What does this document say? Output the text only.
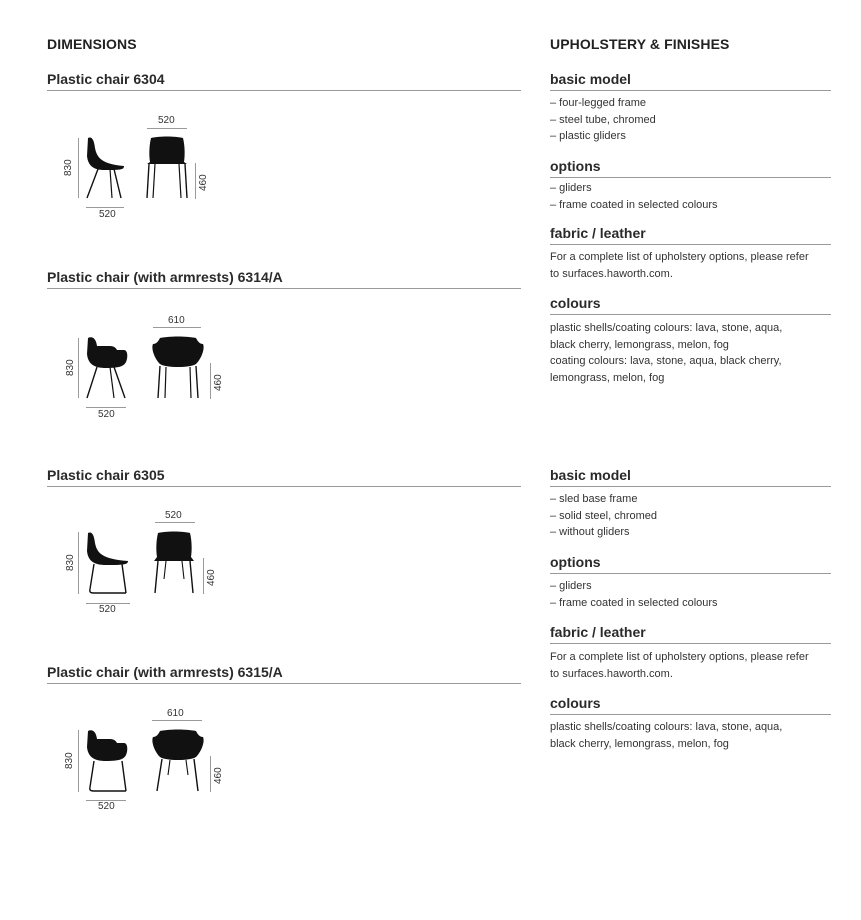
DIMENSIONS	UPHOLSTERY & FINISHES
Plastic chair 6304
830
520
520
460
Plastic chair (with armrests) 6314/A
830
520
610
460
Plastic chair 6305
830
520
520
460
Plastic chair (with armrests) 6315/A
830
520
610
460
basic model
– four-legged frame
– steel tube, chromed
– plastic gliders
options
– gliders
– frame coated in selected colours
fabric / leather
For a complete list of upholstery options, please refer
to surfaces.haworth.com.
colours
plastic shells/coating colours: lava, stone, aqua,
black cherry, lemongrass, melon, fog
coating colours: lava, stone, aqua, black cherry,
lemongrass, melon, fog
basic model
– sled base frame
– solid steel, chromed
– without gliders
options
– gliders
– frame coated in selected colours
fabric / leather
For a complete list of upholstery options, please refer
to surfaces.haworth.com.
colours
plastic shells/coating colours: lava, stone, aqua,
black cherry, lemongrass, melon, fog
